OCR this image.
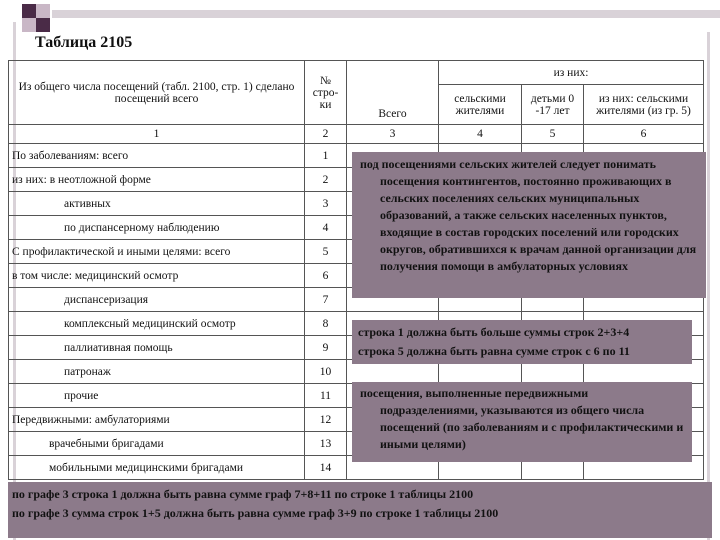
Таблица 2105
Из общего числа посещений (табл. 2100, стр. 1) сделано посещений всего	№ стро-ки	Всего	из них:		
			сельскими жителями	детьми 0 -17 лет	из них: сельскими жителями (из гр. 5)
1	2	3	4	5	6
По заболеваниям: всего	1				
из них: в неотложной форме	2				
активных	3				
по диспансерному наблюдению	4				
С профилактической и иными целями: всего	5				
в том числе: медицинский осмотр	6				
диспансеризация	7				
комплексный медицинский осмотр	8				
паллиативная помощь	9				
патронаж	10				
прочие	11				
Передвижными: амбулаториями	12				
врачебными бригадами	13				
мобильными медицинскими бригадами	14				

под посещениями сельских жителей следует понимать посещения контингентов, постоянно проживающих в сельских поселениях сельских муниципальных образований, а также сельских населенных пунктов, входящие в состав городских поселений или городских округов, обратившихся к врачам данной организации для получения помощи в амбулаторных условиях

строка 1 должна быть больше суммы строк 2+3+4
строка 5 должна быть равна сумме строк с 6 по 11

посещения, выполненные передвижными подразделениями, указываются из общего числа посещений (по заболеваниям и с профилактическими и иными целями)

по графе 3 строка 1 должна быть равна сумме граф 7+8+11 по строке 1 таблицы 2100
по графе 3 сумма строк 1+5 должна быть равна сумме граф 3+9 по строке 1 таблицы 2100
